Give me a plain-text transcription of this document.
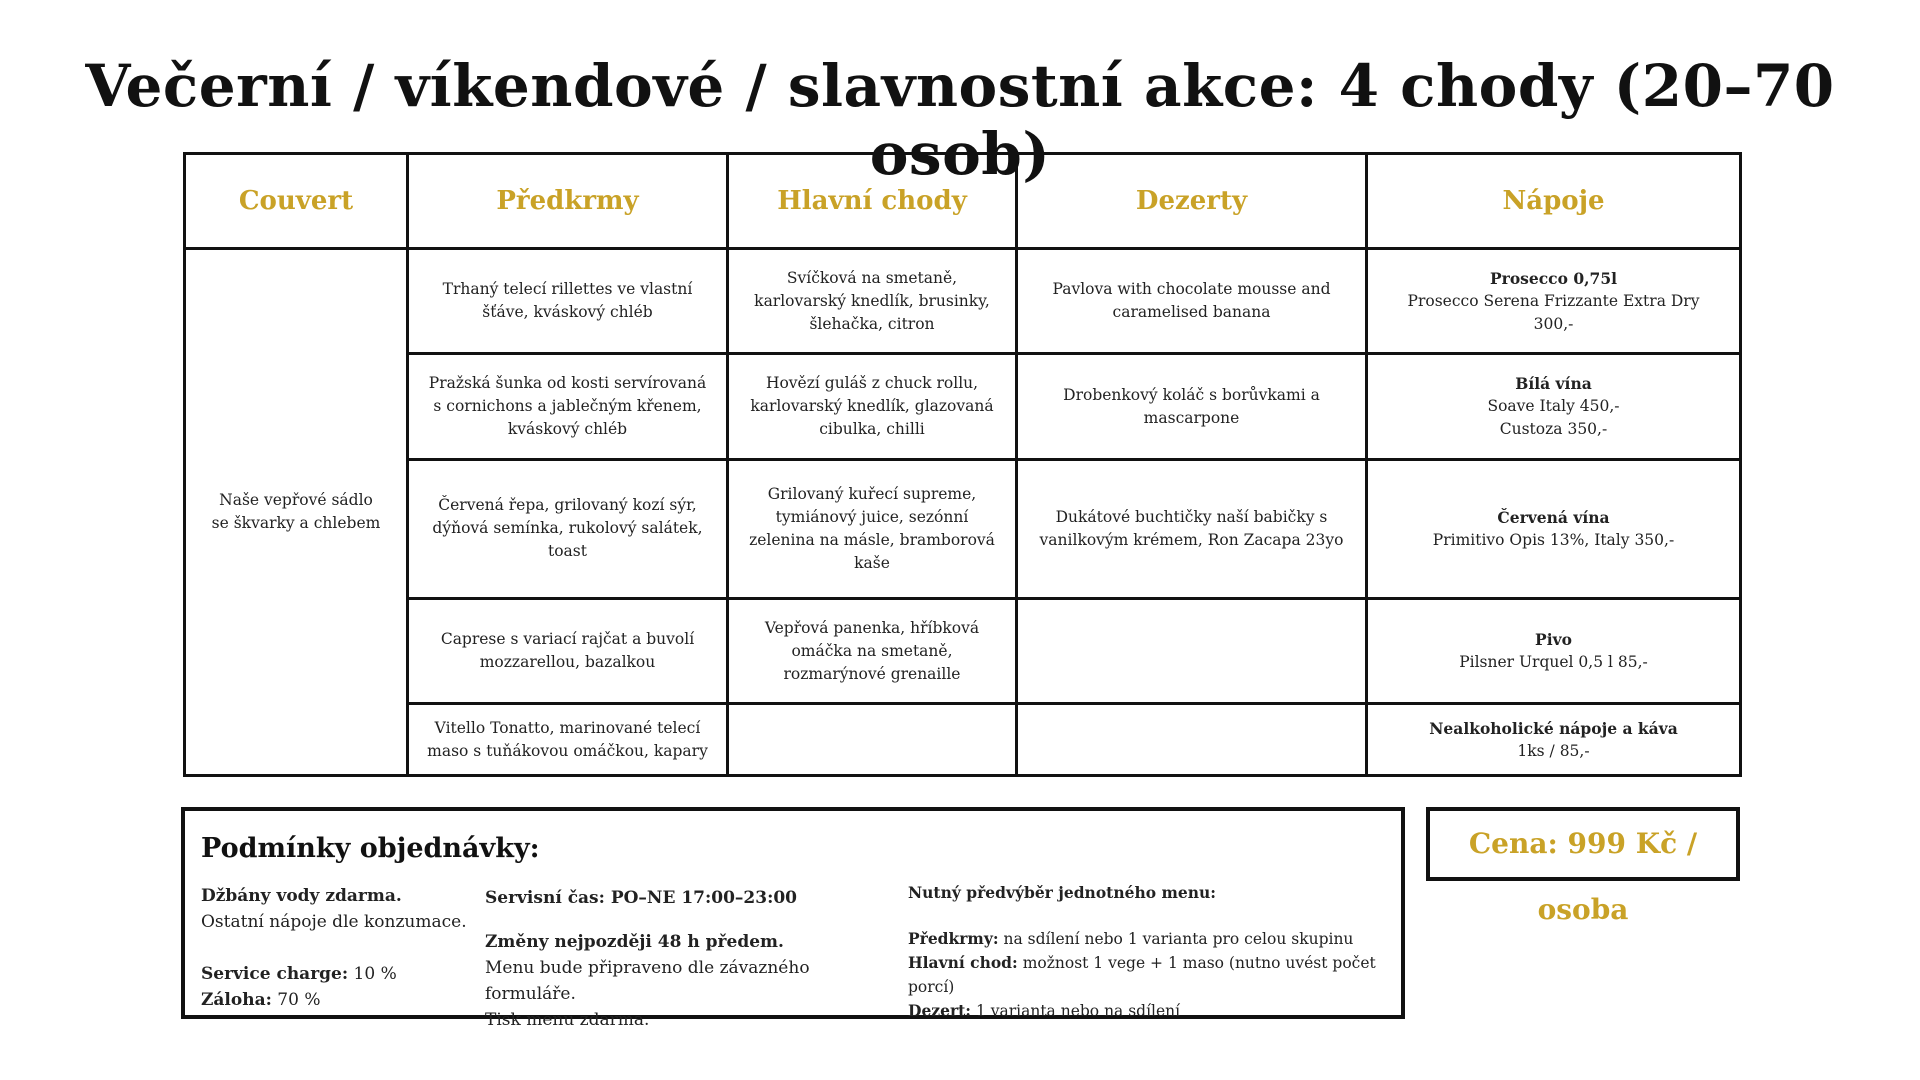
Večerní / víkendové / slavnostní akce: 4 chody (20–70 osob)
Couvert	Předkrmy	Hlavní chody	Dezerty	Nápoje
Naše vepřové sádlo
se škvarky a chlebem	Trhaný telecí rillettes ve vlastní šťáve, kváskový chléb	Svíčková na smetaně, karlovarský knedlík, brusinky, šlehačka, citron	Pavlova with chocolate mousse and caramelised banana	Prosecco 0,75l
Prosecco Serena Frizzante Extra Dry 300,-

	Pražská šunka od kosti servírovaná s cornichons a jablečným křenem, kváskový chléb	Hovězí guláš z chuck rollu, karlovarský knedlík, glazovaná cibulka, chilli	Drobenkový koláč s borůvkami a mascarpone	Bílá vína
Soave Italy 450,-
Custoza 350,-

	Červená řepa, grilovaný kozí sýr, dýňová semínka, rukolový salátek, toast	Grilovaný kuřecí supreme, tymiánový juice, sezónní zelenina na másle, bramborová kaše	Dukátové buchtičky naší babičky s vanilkovým krémem, Ron Zacapa 23yo	Červená vína
Primitivo Opis 13%, Italy 350,-

	Caprese s variací rajčat a buvolí mozzarellou, bazalkou	Vepřová panenka, hříbková omáčka na smetaně, rozmarýnové grenaille		Pivo
Pilsner Urquel 0,5 l 85,-

	Vitello Tonatto, marinované telecí maso s tuňákovou omáčkou, kapary			Nealkoholické nápoje a káva
1ks / 85,-
Podmínky objednávky:
Džbány vody zdarma.
Ostatní nápoje dle konzumace.
Service charge: 10 %
Záloha: 70 %
Servisní čas: PO–NE 17:00–23:00
Změny nejpozději 48 h předem.
Menu bude připraveno dle závazného formuláře.
Tisk menu zdarma.
Nutný předvýběr jednotného menu:
Předkrmy: na sdílení nebo 1 varianta pro celou skupinu
Hlavní chod: možnost 1 vege + 1 maso (nutno uvést počet porcí)
Dezert: 1 varianta nebo na sdílení
Cena: 999 Kč / osoba
